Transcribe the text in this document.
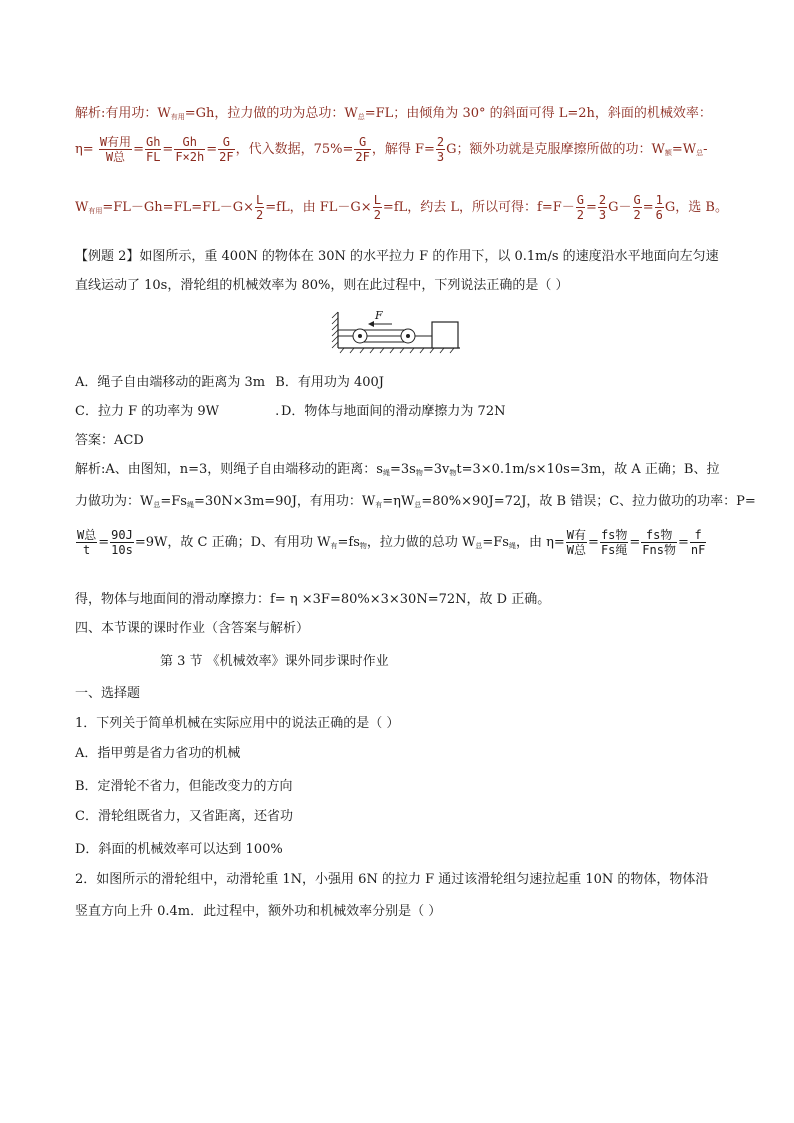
解析:有用功：$W_{有用}=Gh$，拉力做的功为总功：$W_总=FL$；由倾角为 30° 的斜面可得 L=2h，斜面的机械效率：
$\eta= \frac{\text{W有用}}{\text{W总}} = \frac{Gh}{FL} = \frac{Gh}{F\times 2h} = \frac{G}{2F}$ ，代入数据，$75\%= \frac{G}{2F}$ ，解得 $F= \frac{2}{3}$ G；额外功就是克服摩擦所做的功：$W_额=W_总-$
$W_{有用}=FL-Gh=FL=FL-G\times \frac{L}{2} =fL$，由 $FL-G\times \frac{L}{2} =fL$，约去 L，所以可得：$f=F- \frac{G}{2} = \frac{2}{3} G- \frac{G}{2} = \frac{1}{6}$ G，选 B。
【例题 2】如图所示，重 400N 的物体在 30N 的水平拉力 F 的作用下，以 0.1m/s 的速度沿水平地面向左匀速
直线运动了 10s，滑轮组的机械效率为 80%，则在此过程中，下列说法正确的是（ ）
F
A．绳子自由端移动的距离为 3m B．有用功为 400J
C．拉力 F 的功率为 9W	. D．物体与地面间的滑动摩擦力为 72N
答案：ACD
解析:A、由图知，n=3，则绳子自由端移动的距离：$s_绳=3s_物=3v_物t=3\times 0.1m/s\times 10s=3m$，故 A 正确；B、拉
力做功为：$W_总=Fs_绳=30N\times 3m=90J$，有用功：$W_有=\eta W_总=80\%\times 90J=72J$，故 B 错误；C、拉力做功的功率：P=
$\frac{\text{W总}}{t} = \frac{90J}{10s} =9W$，故 C 正确；D、有用功 $W_有=fs_物$，拉力做的总功 $W_总=Fs_绳$，由 $\eta= \frac{\text{W有}}{\text{W总}} = \frac{\text{fs物}}{\text{Fs绳}} = \frac{\text{fs物}}{\text{Fns物}} = \frac{f}{nF}$
得，物体与地面间的滑动摩擦力：f= η ×3F=80%×3×30N=72N，故 D 正确。
四、本节课的课时作业（含答案与解析）
第 3 节 《机械效率》课外同步课时作业
一、选择题
1．下列关于简单机械在实际应用中的说法正确的是（ ）
A．指甲剪是省力省功的机械
B．定滑轮不省力，但能改变力的方向
C．滑轮组既省力，又省距离，还省功
D．斜面的机械效率可以达到 100%
2．如图所示的滑轮组中，动滑轮重 1N，小强用 6N 的拉力 F 通过该滑轮组匀速拉起重 10N 的物体，物体沿
竖直方向上升 0.4m．此过程中，额外功和机械效率分别是（ ）
